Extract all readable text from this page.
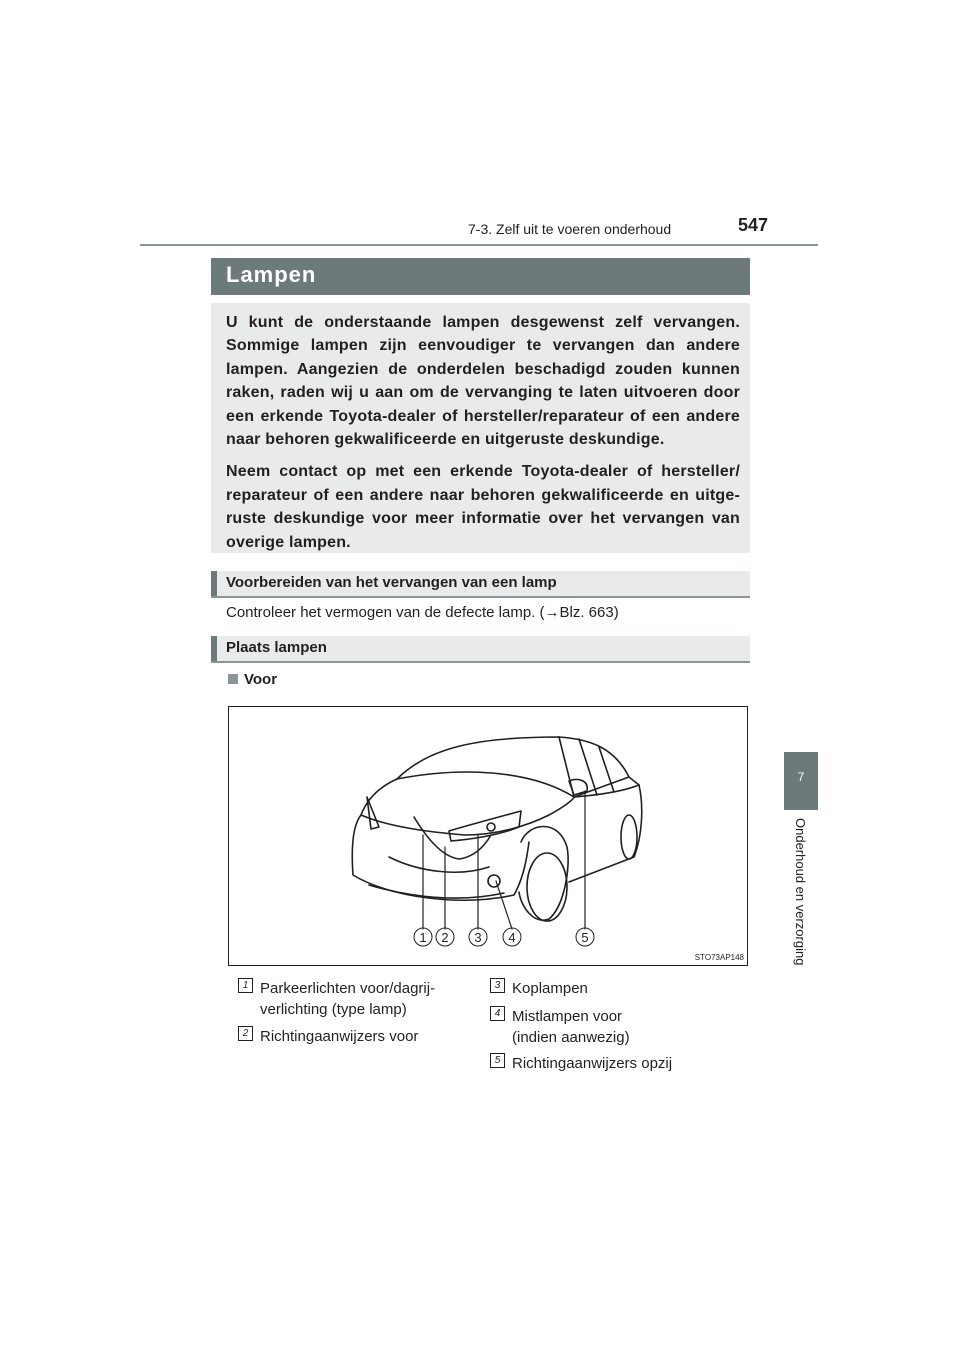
7-3. Zelf uit te voeren onderhoud	547
7
Onderhoud en verzorging
Lampen

U kunt de onderstaande lampen desgewenst zelf vervangen. Sommige lampen zijn eenvoudiger te vervangen dan andere lampen. Aangezien de onderdelen beschadigd zouden kunnen raken, raden wij u aan om de vervanging te laten uitvoeren door een erkende Toyota-dealer of hersteller/reparateur of een andere naar behoren gekwalificeerde en uitgeruste deskundige.

Neem contact op met een erkende Toyota-dealer of hersteller/ reparateur of een andere naar behoren gekwalificeerde en uitge-ruste deskundige voor meer informatie over het vervangen van overige lampen.

Voorbereiden van het vervangen van een lamp
Controleer het vermogen van de defecte lamp. (→Blz. 663)
Plaats lampen
Voor
1 2 3 4	5
STO73AP148
1 Parkeerlichten voor/dagrij-
verlichting (type lamp)
2 Richtingaanwijzers voor
3 Koplampen
4 Mistlampen voor
(indien aanwezig)
5 Richtingaanwijzers opzij
